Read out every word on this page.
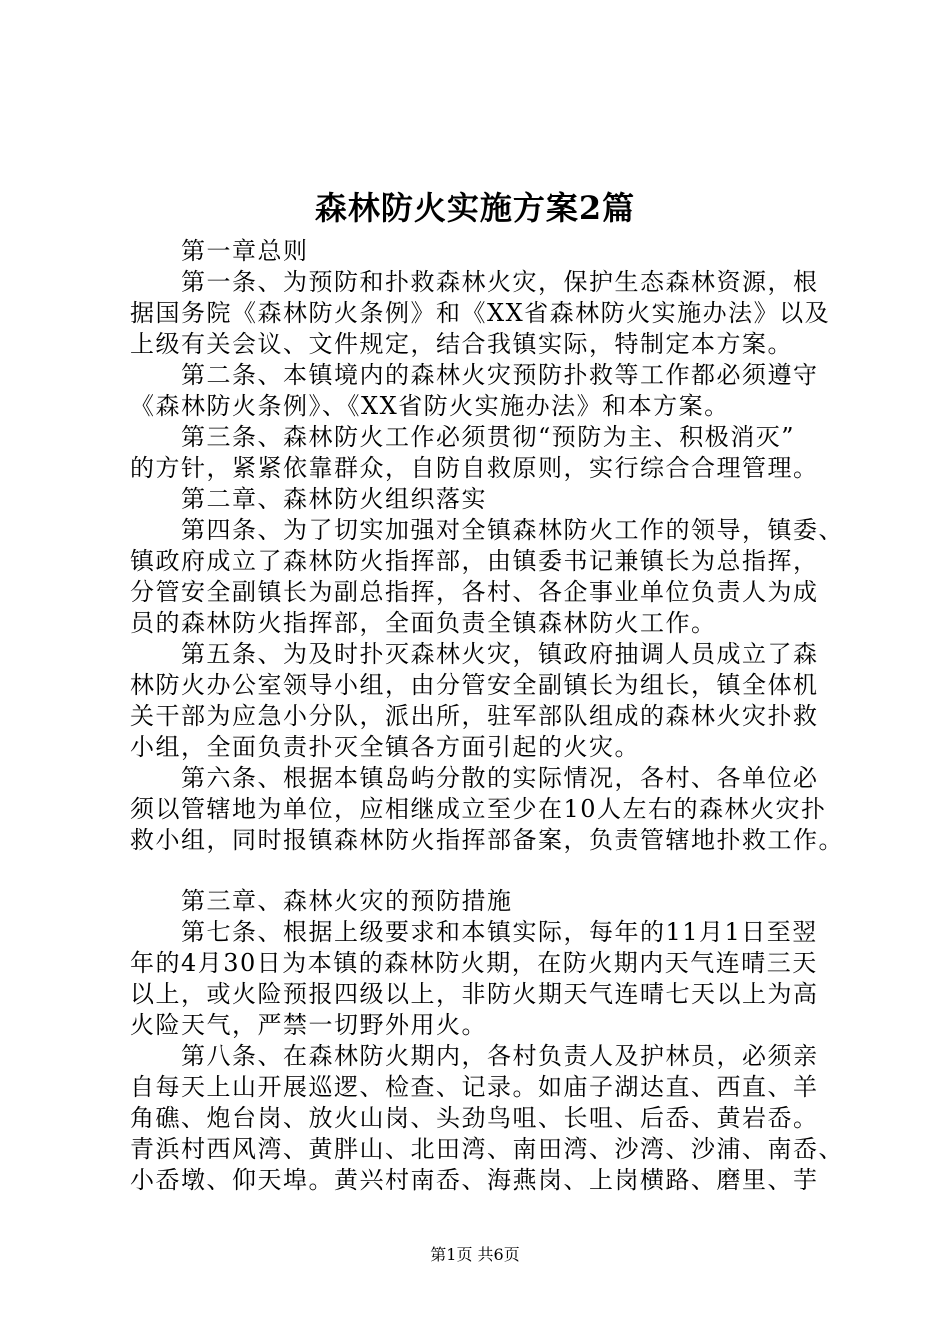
森林防火实施方案2篇
　　第一章总则
　　第一条、为预防和扑救森林火灾，保护生态森林资源，根
据国务院《森林防火条例》和《XX省森林防火实施办法》以及
上级有关会议、文件规定，结合我镇实际，特制定本方案。
　　第二条、本镇境内的森林火灾预防扑救等工作都必须遵守
《森林防火条例》、《XX省防火实施办法》和本方案。
　　第三条、森林防火工作必须贯彻“预防为主、积极消灭”
的方针，紧紧依靠群众，自防自救原则，实行综合合理管理。
　　第二章、森林防火组织落实
　　第四条、为了切实加强对全镇森林防火工作的领导，镇委、
镇政府成立了森林防火指挥部，由镇委书记兼镇长为总指挥，
分管安全副镇长为副总指挥，各村、各企事业单位负责人为成
员的森林防火指挥部，全面负责全镇森林防火工作。
　　第五条、为及时扑灭森林火灾，镇政府抽调人员成立了森
林防火办公室领导小组，由分管安全副镇长为组长，镇全体机
关干部为应急小分队，派出所，驻军部队组成的森林火灾扑救
小组，全面负责扑灭全镇各方面引起的火灾。
　　第六条、根据本镇岛屿分散的实际情况，各村、各单位必
须以管辖地为单位，应相继成立至少在10人左右的森林火灾扑
救小组，同时报镇森林防火指挥部备案，负责管辖地扑救工作。
　　第三章、森林火灾的预防措施
　　第七条、根据上级要求和本镇实际，每年的11月1日至翌
年的4月30日为本镇的森林防火期，在防火期内天气连晴三天
以上，或火险预报四级以上，非防火期天气连晴七天以上为高
火险天气，严禁一切野外用火。
　　第八条、在森林防火期内，各村负责人及护林员，必须亲
自每天上山开展巡逻、检查、记录。如庙子湖达直、西直、羊
角礁、炮台岗、放火山岗、头劲鸟咀、长咀、后岙、黄岩岙。
青浜村西风湾、黄胖山、北田湾、南田湾、沙湾、沙浦、南岙、
小岙墩、仰天埠。黄兴村南岙、海燕岗、上岗横路、磨里、芋
第1页 共6页
